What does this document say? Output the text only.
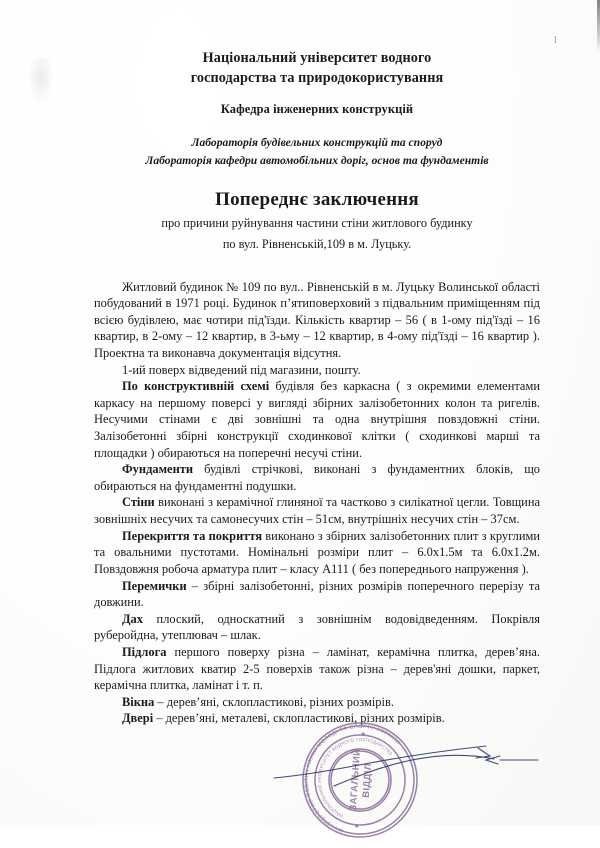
1
Національний університет водного
господарства та природокористування
Кафедра інженерних конструкцій
Лабораторія будівельних конструкцій та споруд
Лабораторія кафедри автомобільних доріг, основ та фундаментів
Попереднє заключення
про причини руйнування частини стіни житлового будинку
по вул. Рівненській,109 в м. Луцьку.

Житловий будинок № 109 по вул.. Рівненській в м. Луцьку Волинської області побудований в 1971 році. Будинок п’ятиповерховий з підвальним приміщенням під всією будівлею, має чотири під'їзди. Кількість квартир – 56 ( в 1-ому під'їзді – 16 квартир, в 2-ому – 12 квартир, в 3-ьму – 12 квартир, в 4-ому під'їзді – 16 квартир ). Проектна та виконавча документація відсутня.

1-ий поверх відведений під магазини, пошту.

По конструктивній схемі будівля без каркасна ( з окремими елементами каркасу на першому поверсі у вигляді збірних залізобетонних колон та ригелів. Несучими стінами є дві зовнішні та одна внутрішня повздовжні стіни. Залізобетонні збірні конструкції сходинкової клітки ( сходинкові марші та площадки ) обираються на поперечні несучі стіни.

Фундаменти будівлі стрічкові, виконані з фундаментних блоків, що обираються на фундаментні подушки.

Стіни виконані з керамічної глиняної та частково з силікатної цегли. Товщина зовнішніх несучих та самонесучих стін – 51см, внутрішніх несучих стін – 37см.

Перекриття та покриття виконано з збірних залізобетонних плит з круглими та овальними пустотами. Номінальні розміри плит – 6.0х1.5м та 6.0х1.2м. Повздовжня робоча арматура плит – класу А111 ( без попереднього напруження ).

Перемички – збірні залізобетонні, різних розмірів поперечного перерізу та довжини.

Дах плоский, односкатний з зовнішнім водовідведенням. Покрівля руберойдна, утеплювач – шлак.

Підлога першого поверху різна – ламінат, керамічна плитка, дерев’яна. Підлога житлових кватир 2-5 поверхів також різна – дерев'яні дошки, паркет, керамічна плитка, ламінат і т. п.

Вікна – дерев’яні, склопластикові, різних розмірів.

Двері – дерев’яні, металеві, склопластикові, різних розмірів.

МІНІСТЕРСТВО ОСВІТИ І НАУКИ МОЛОДІ ТА СПОРТУ УКРАЇНИ
НАЦІОНАЛЬНИЙ УНІВЕРСИТЕТ ВОДНОГО ГОСПОДАРСТВА
ЗАГАЛЬНИЙ
ВІДДІЛ
